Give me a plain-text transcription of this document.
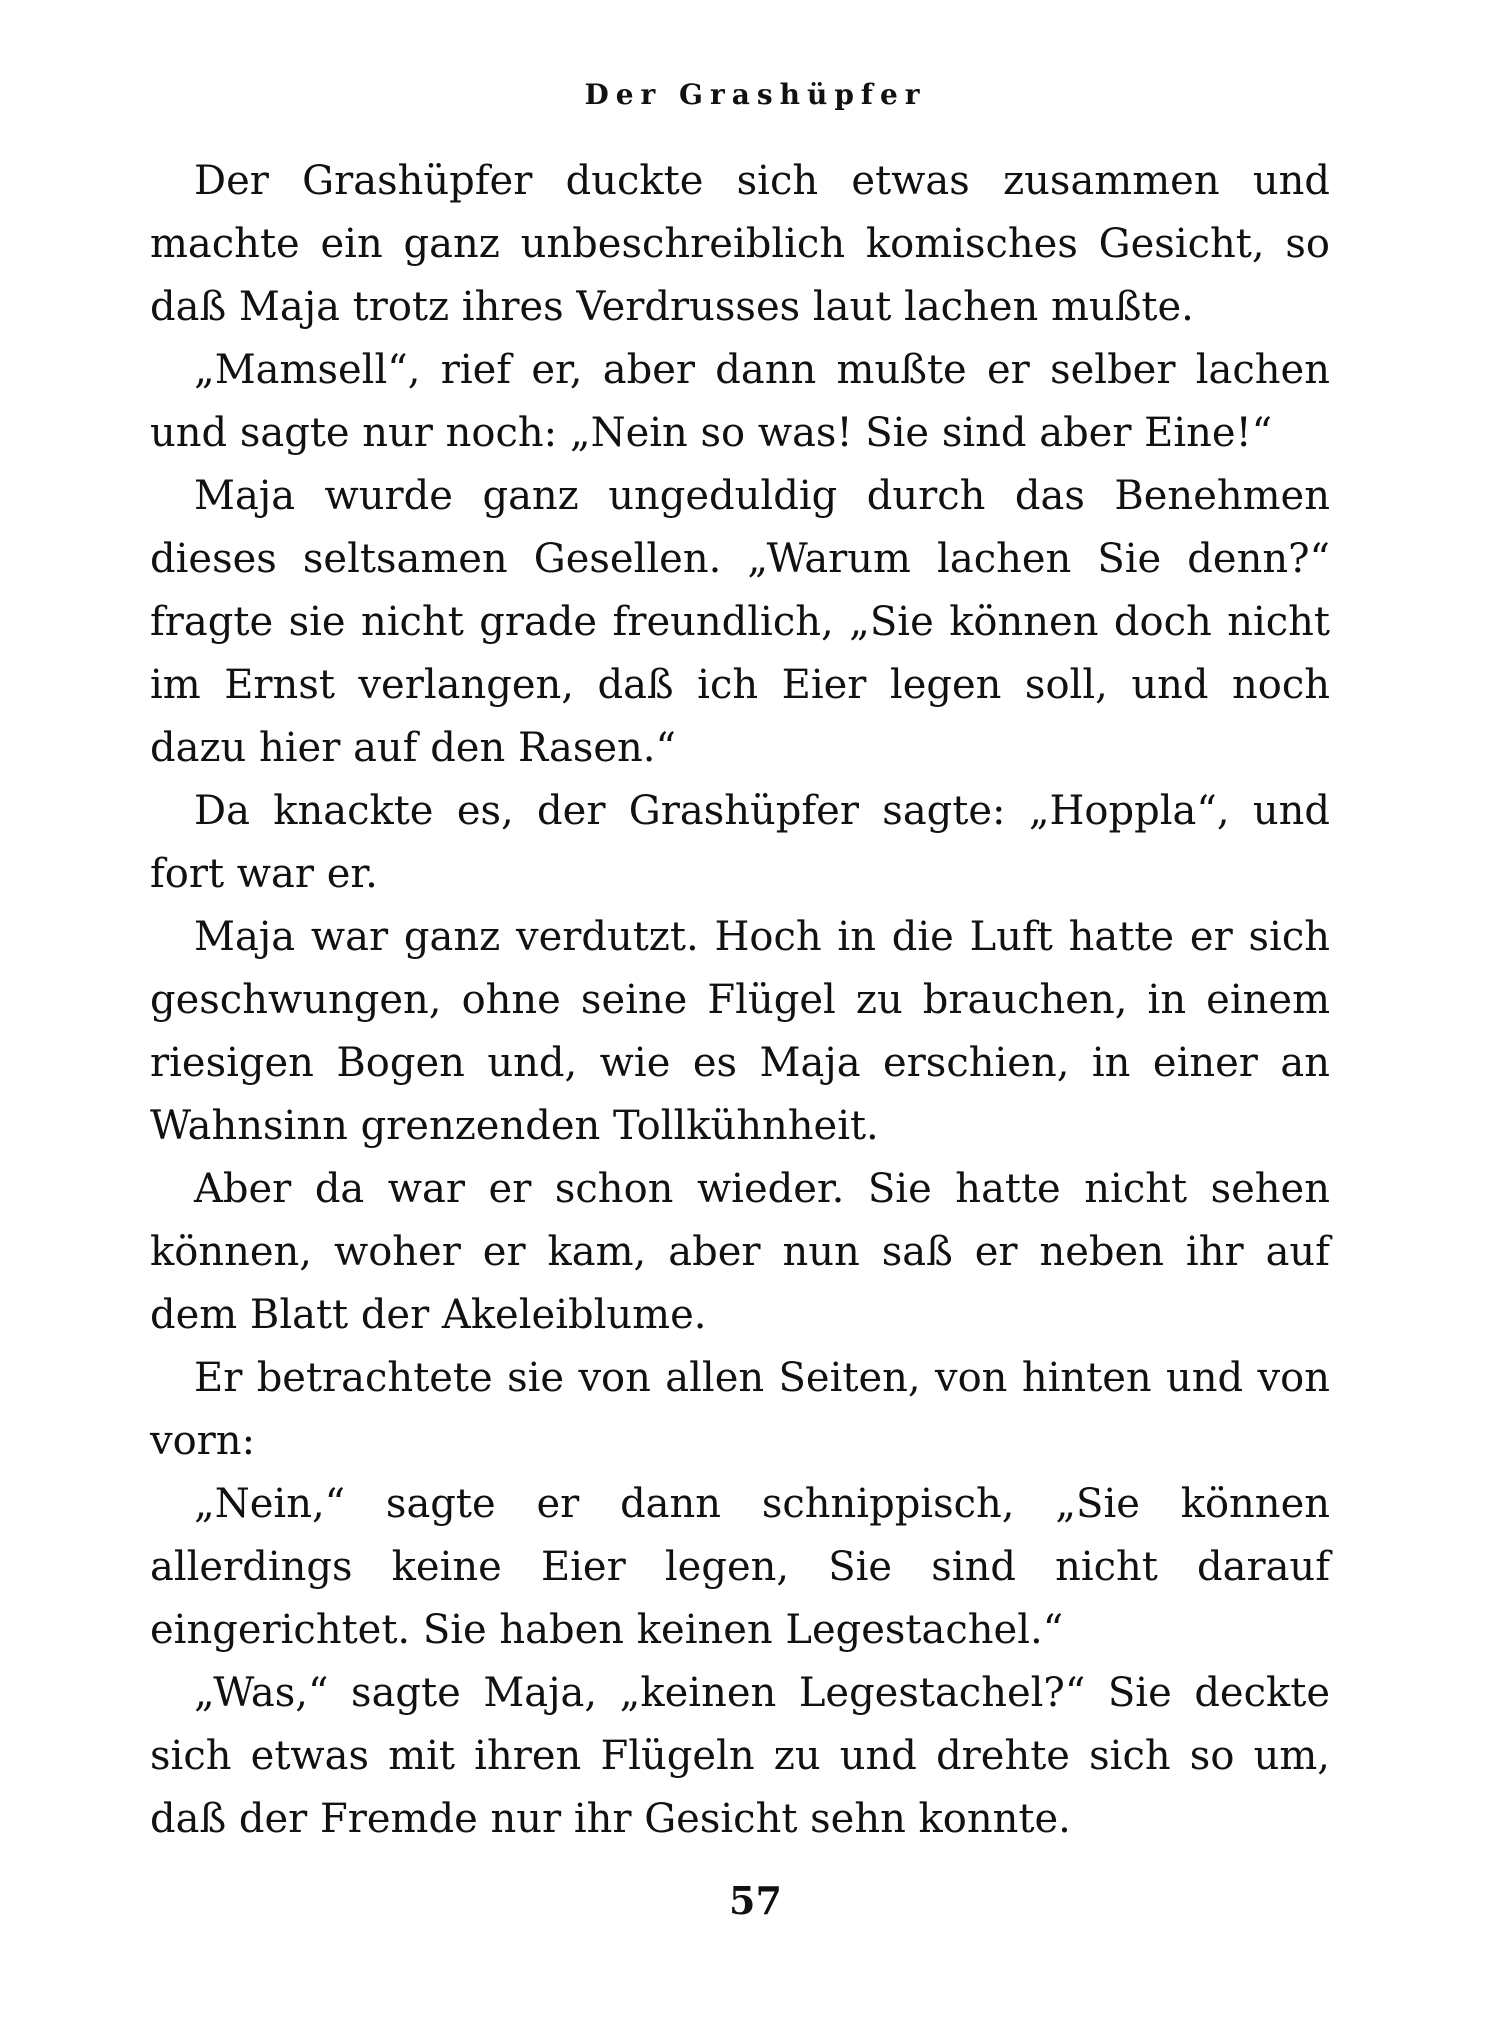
Der Grashüpfer

Der Grashüpfer duckte sich etwas zusammen und machte ein ganz unbeschreiblich komisches Gesicht, so daß Maja trotz ihres Verdrusses laut lachen mußte.

„Mamsell“, rief er, aber dann mußte er selber lachen und sagte nur noch: „Nein so was! Sie sind aber Eine!“

Maja wurde ganz ungeduldig durch das Benehmen dieses seltsamen Gesellen. „Warum lachen Sie denn?“ fragte sie nicht grade freundlich, „Sie können doch nicht im Ernst verlangen, daß ich Eier legen soll, und noch dazu hier auf den Rasen.“

Da knackte es, der Grashüpfer sagte: „Hoppla“, und fort war er.

Maja war ganz verdutzt. Hoch in die Luft hatte er sich geschwungen, ohne seine Flügel zu brauchen, in einem riesigen Bogen und, wie es Maja erschien, in einer an Wahnsinn grenzenden Tollkühnheit.

Aber da war er schon wieder. Sie hatte nicht sehen können, woher er kam, aber nun saß er neben ihr auf dem Blatt der Akeleiblume.

Er betrachtete sie von allen Seiten, von hinten und von vorn:

„Nein,“ sagte er dann schnippisch, „Sie können allerdings keine Eier legen, Sie sind nicht darauf eingerichtet. Sie haben keinen Legestachel.“

„Was,“ sagte Maja, „keinen Legestachel?“ Sie deckte sich etwas mit ihren Flügeln zu und drehte sich so um, daß der Fremde nur ihr Gesicht sehn konnte.

57
